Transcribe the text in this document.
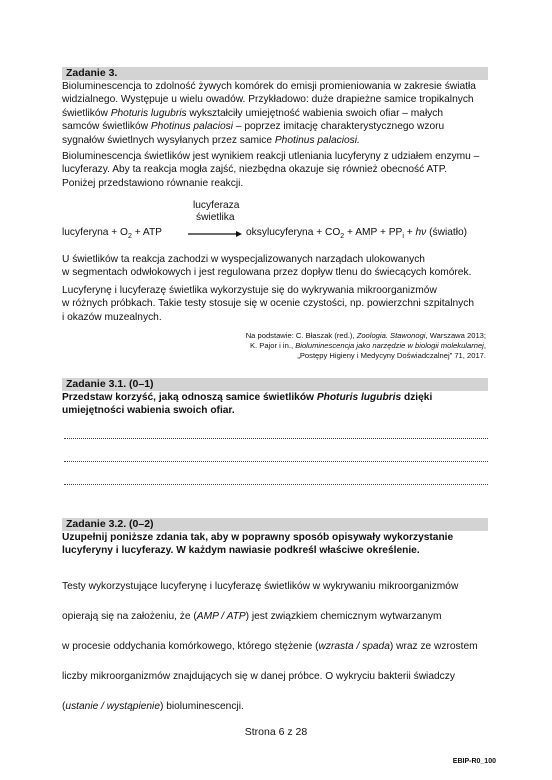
Zadanie 3.

Bioluminescencja to zdolność żywych komórek do emisji promieniowania w zakresie światła

widzialnego. Występuje u wielu owadów. Przykładowo: duże drapieżne samice tropikalnych

świetlików Photuris lugubris wykształciły umiejętność wabienia swoich ofiar – małych

samców świetlików Photinus palaciosi – poprzez imitację charakterystycznego wzoru

sygnałów świetlnych wysyłanych przez samice Photinus palaciosi.

Bioluminescencja świetlików jest wynikiem reakcji utleniania lucyferyny z udziałem enzymu –

lucyferazy. Aby ta reakcja mogła zajść, niezbędna okazuje się również obecność ATP.

Poniżej przedstawiono równanie reakcji.

lucyferaza
świetlika
lucyferyna + $O_2$ + ATP	oksylucyferyna + $CO_2$ + AMP + $PP_i + h\nu$ (światło)

U świetlików ta reakcja zachodzi w wyspecjalizowanych narządach ulokowanych

w segmentach odwłokowych i jest regulowana przez dopływ tlenu do świecących komórek.

Lucyferynę i lucyferazę świetlika wykorzystuje się do wykrywania mikroorganizmów

w różnych próbkach. Takie testy stosuje się w ocenie czystości, np. powierzchni szpitalnych

i okazów muzealnych.

Na podstawie: C. Błaszak (red.), Zoologia. Stawonogi, Warszawa 2013;

K. Pajor i in., Bioluminescencja jako narzędzie w biologii molekularnej,

„Postępy Higieny i Medycyny Doświadczalnej” 71, 2017.

Zadanie 3.1. (0–1)

Przedstaw korzyść, jaką odnoszą samice świetlików Photuris lugubris dzięki

umiejętności wabienia swoich ofiar.

Zadanie 3.2. (0–2)

Uzupełnij poniższe zdania tak, aby w poprawny sposób opisywały wykorzystanie

lucyferyny i lucyferazy. W każdym nawiasie podkreśl właściwe określenie.

Testy wykorzystujące lucyferynę i lucyferazę świetlików w wykrywaniu mikroorganizmów

opierają się na założeniu, że (AMP / ATP) jest związkiem chemicznym wytwarzanym

w procesie oddychania komórkowego, którego stężenie (wzrasta / spada) wraz ze wzrostem

liczby mikroorganizmów znajdujących się w danej próbce. O wykryciu bakterii świadczy

(ustanie / wystąpienie) bioluminescencji.

Strona 6 z 28
EBIP-R0_100
